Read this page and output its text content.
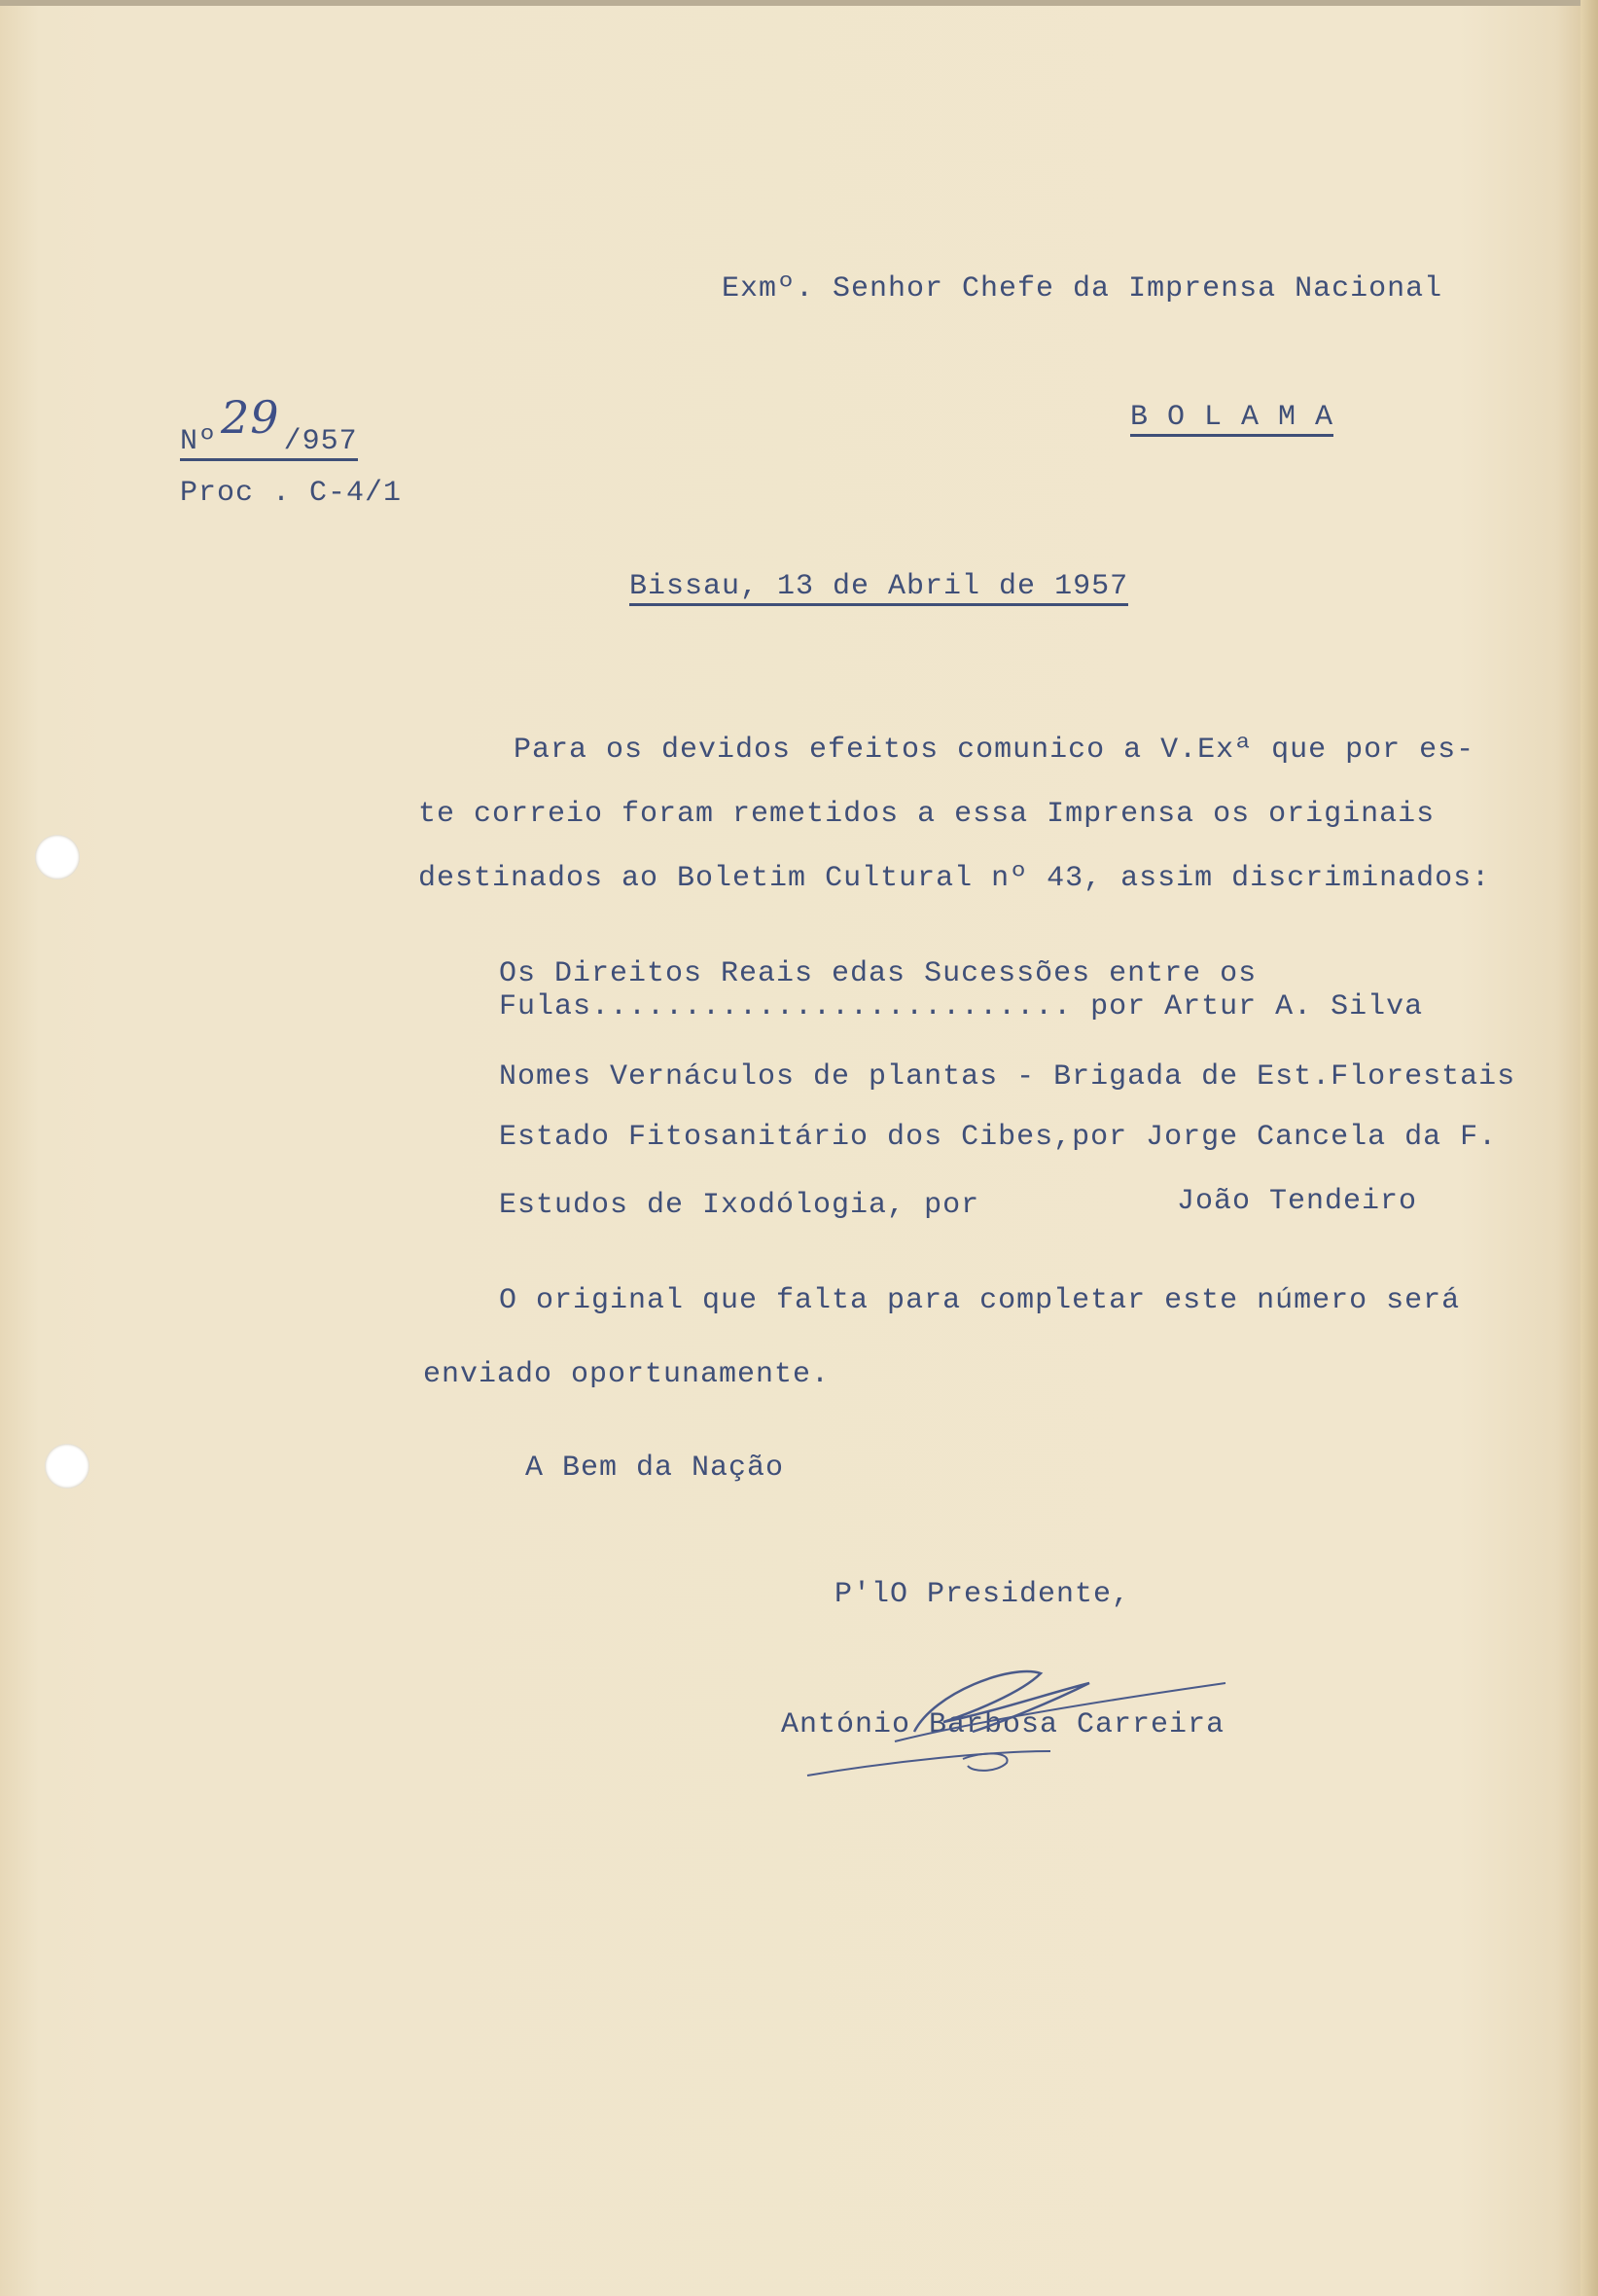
Exmº. Senhor Chefe da Imprensa Nacional
B O L A M A
Nº29 /957
Proc . C-4/1
Bissau, 13 de Abril de 1957
Para os devidos efeitos comunico a V.Exª que por es-
te correio foram remetidos a essa Imprensa os originais
destinados ao Boletim Cultural nº 43, assim discriminados:
Os Direitos Reais edas Sucessões entre os
Fulas.......................... por Artur A. Silva
Nomes Vernáculos de plantas - Brigada de Est.Florestais
Estado Fitosanitário dos Cibes,por Jorge Cancela da F.
Estudos de Ixodólogia, por	João Tendeiro
O original que falta para completar este número será
enviado oportunamente.
A Bem da Nação
P'lO Presidente,
António Barbosa Carreira
